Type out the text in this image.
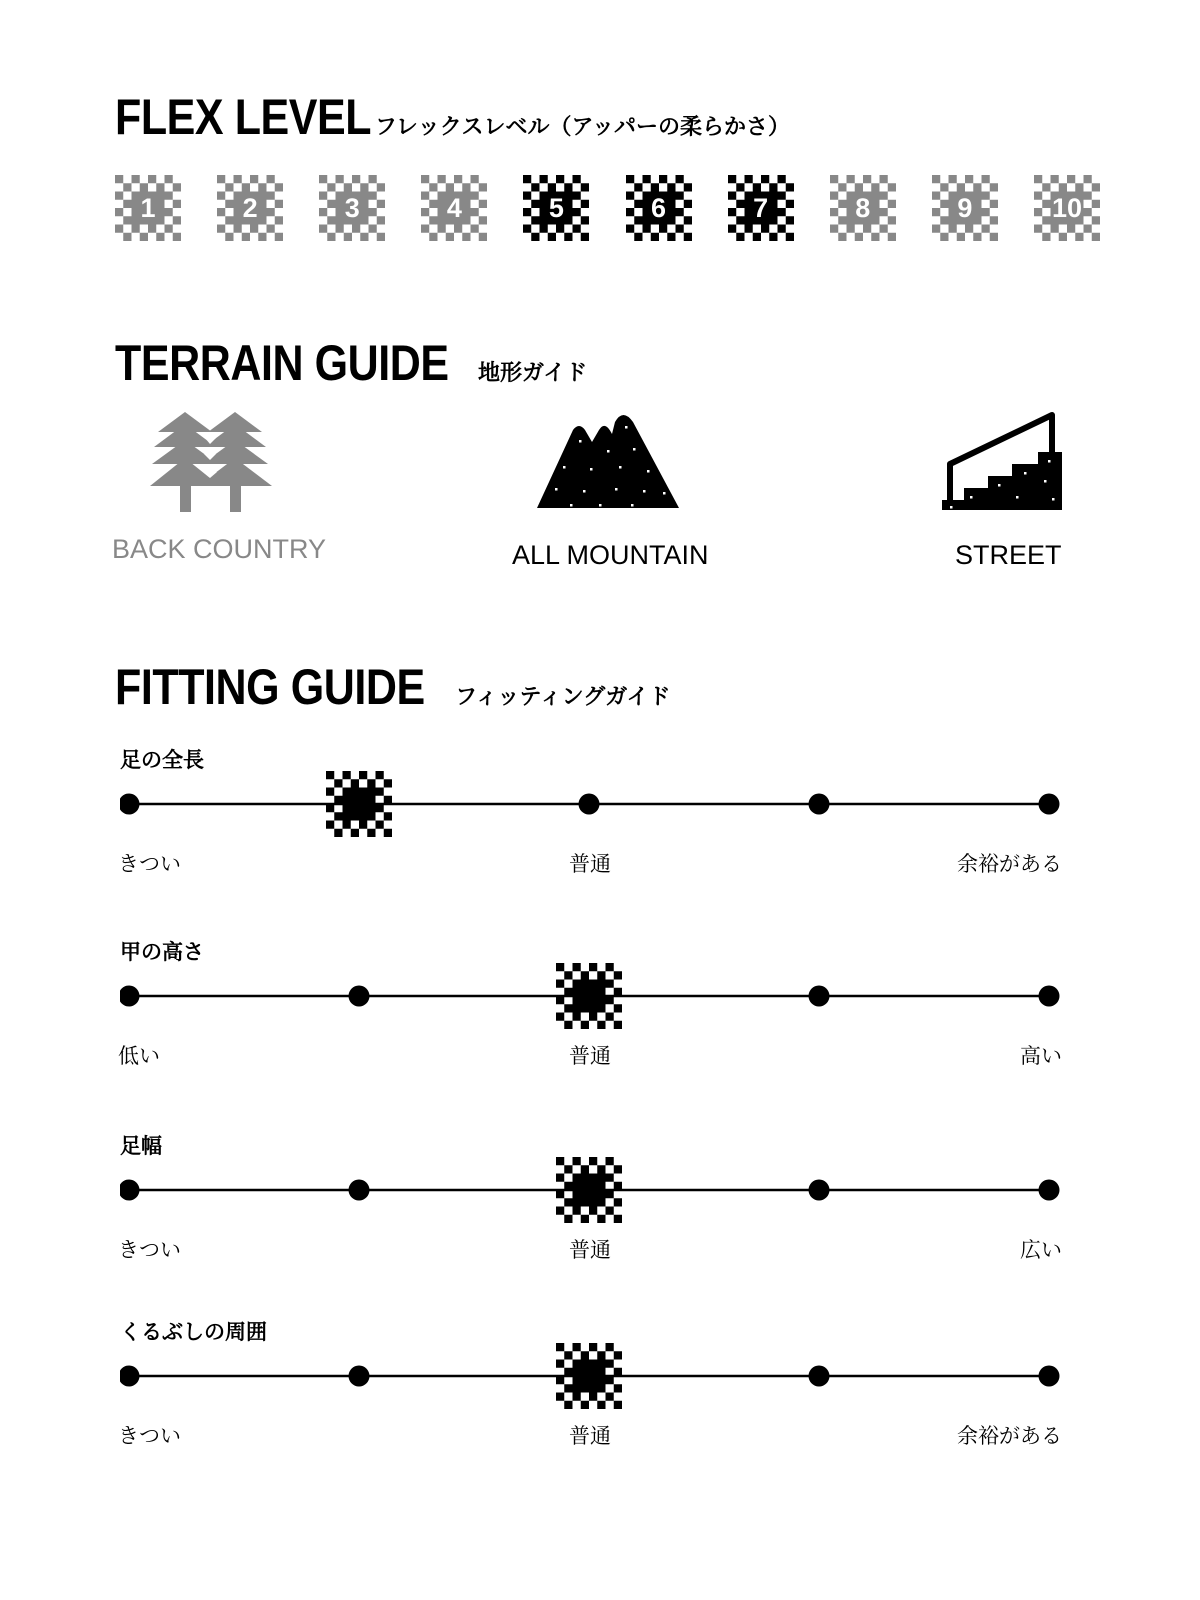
FLEX LEVEL フレックスレベル（アッパーの柔らかさ）
1	2	3	4	5	6	7	8	9	10
TERRAIN GUIDE 地形ガイド
BACK COUNTRY	ALL MOUNTAIN	STREET
FITTING GUIDE フィッティングガイド
足の全長
きつい	普通	余裕がある
甲の高さ
低い	普通	高い
足幅
きつい	普通	広い
くるぶしの周囲
きつい	普通	余裕がある
